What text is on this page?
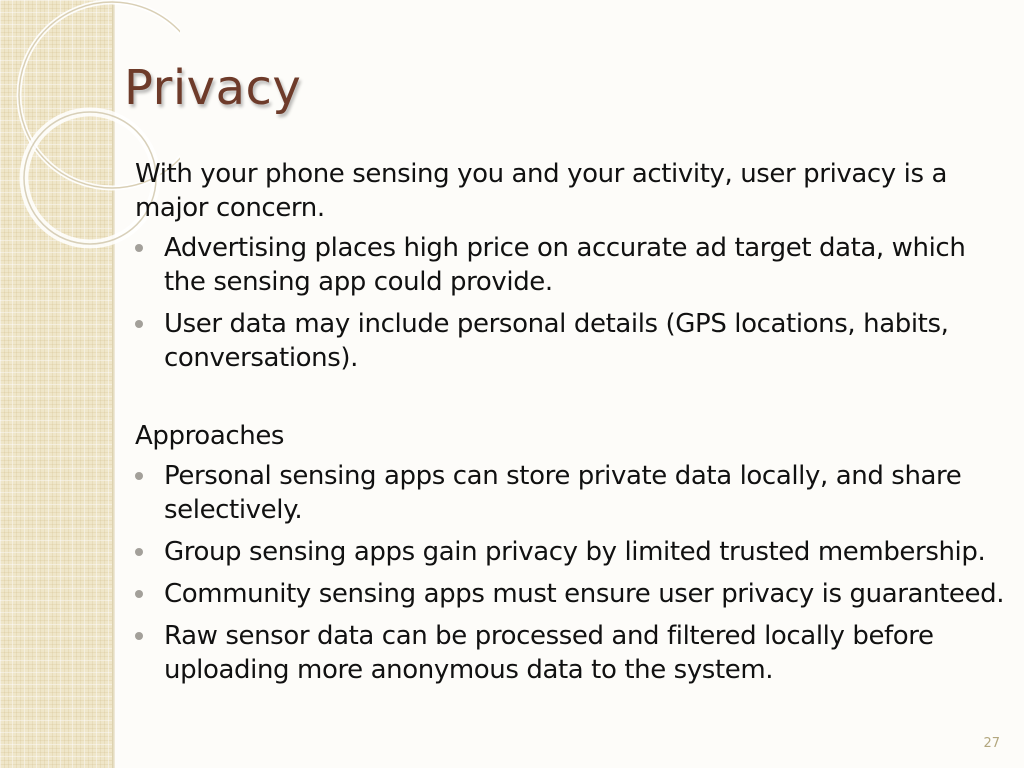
Privacy

With your phone sensing you and your activity, user privacy is a major concern.

Advertising places high price on accurate ad target data, which the sensing app could provide.
User data may include personal details (GPS locations, habits, conversations).

Approaches

Personal sensing apps can store private data locally, and share selectively.
Group sensing apps gain privacy by limited trusted membership.
Community sensing apps must ensure user privacy is guaranteed.
Raw sensor data can be processed and filtered locally before uploading more anonymous data to the system.
27
